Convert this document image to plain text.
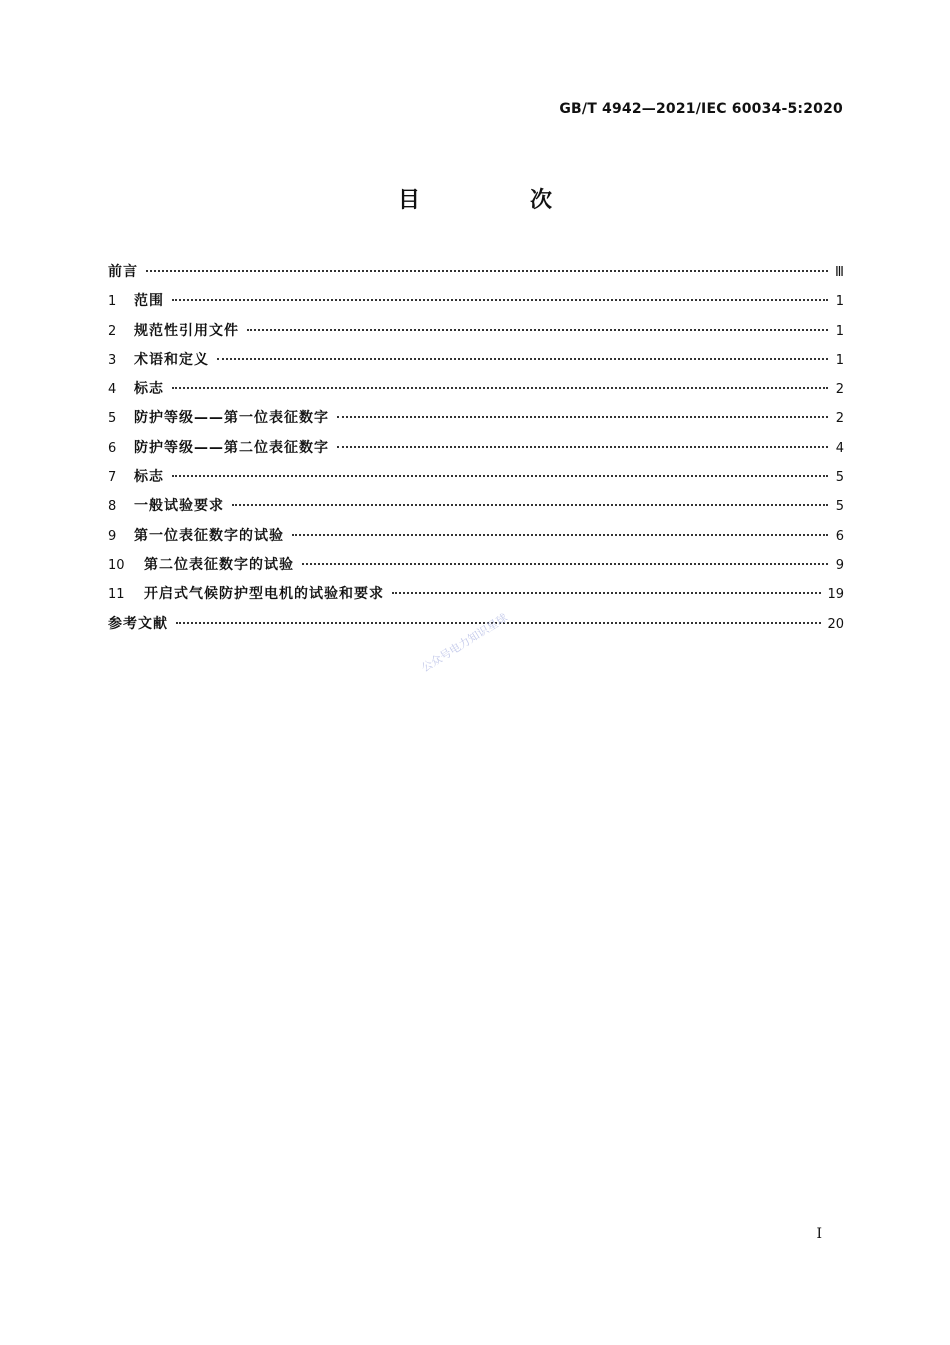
GB/T 4942—2021/IEC 60034-5:2020
目　次
前言	Ⅲ
1	范围	1
2	规范性引用文件	1
3	术语和定义	1
4	标志	2
5	防护等级——第一位表征数字	2
6	防护等级——第二位表征数字	4
7	标志	5
8	一般试验要求	5
9	第一位表征数字的试验	6
10	第二位表征数字的试验	9
11	开启式气候防护型电机的试验和要求	19
参考文献	20
公众号电力知识星球
I
